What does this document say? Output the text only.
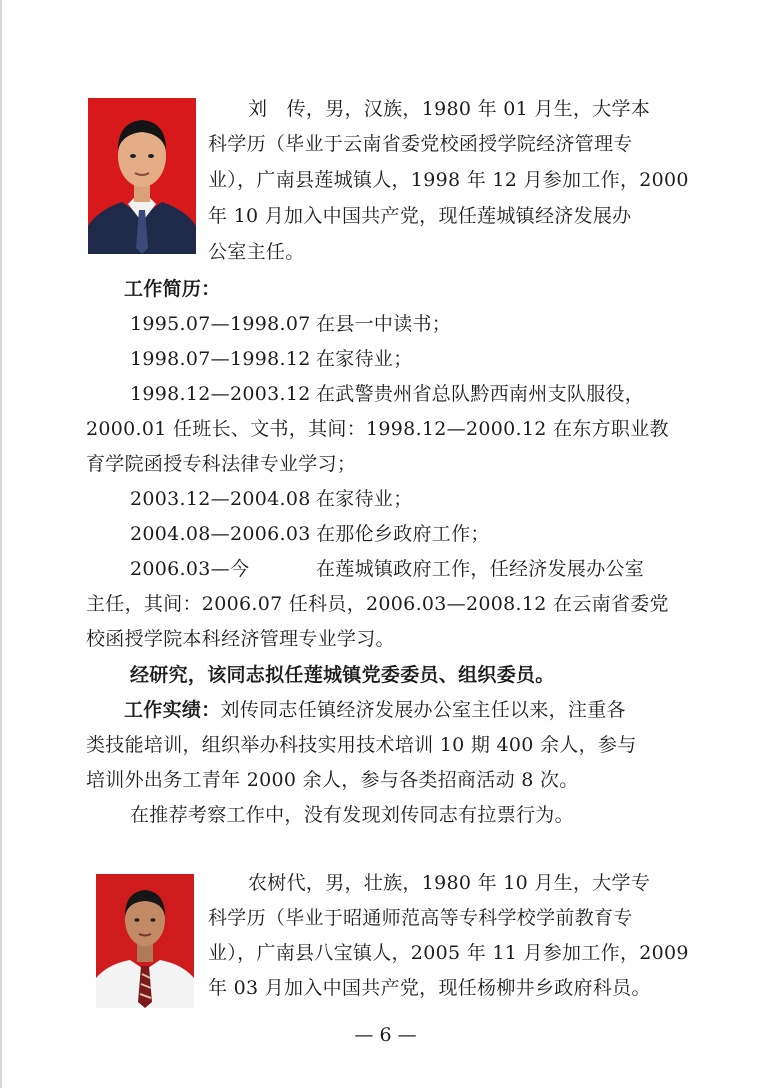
刘　传，男，汉族，1980 年 01 月生，大学本
科学历（毕业于云南省委党校函授学院经济管理专
业），广南县莲城镇人，1998 年 12 月参加工作，2000
年 10 月加入中国共产党，现任莲城镇经济发展办
公室主任。
工作简历：
1995.07—1998.07 在县一中读书；
1998.07—1998.12 在家待业；
1998.12—2003.12 在武警贵州省总队黔西南州支队服役，
2000.01 任班长、文书，其间：1998.12—2000.12 在东方职业教
育学院函授专科法律专业学习；
2003.12—2004.08 在家待业；
2004.08—2006.03 在那伦乡政府工作；
2006.03—今	在莲城镇政府工作，任经济发展办公室
主任，其间：2006.07 任科员，2006.03—2008.12 在云南省委党
校函授学院本科经济管理专业学习。
经研究，该同志拟任莲城镇党委委员、组织委员。
工作实绩：刘传同志任镇经济发展办公室主任以来，注重各
类技能培训，组织举办科技实用技术培训 10 期 400 余人，参与
培训外出务工青年 2000 余人，参与各类招商活动 8 次。
在推荐考察工作中，没有发现刘传同志有拉票行为。
农树代，男，壮族，1980 年 10 月生，大学专
科学历（毕业于昭通师范高等专科学校学前教育专
业），广南县八宝镇人，2005 年 11 月参加工作，2009
年 03 月加入中国共产党，现任杨柳井乡政府科员。
— 6 —
